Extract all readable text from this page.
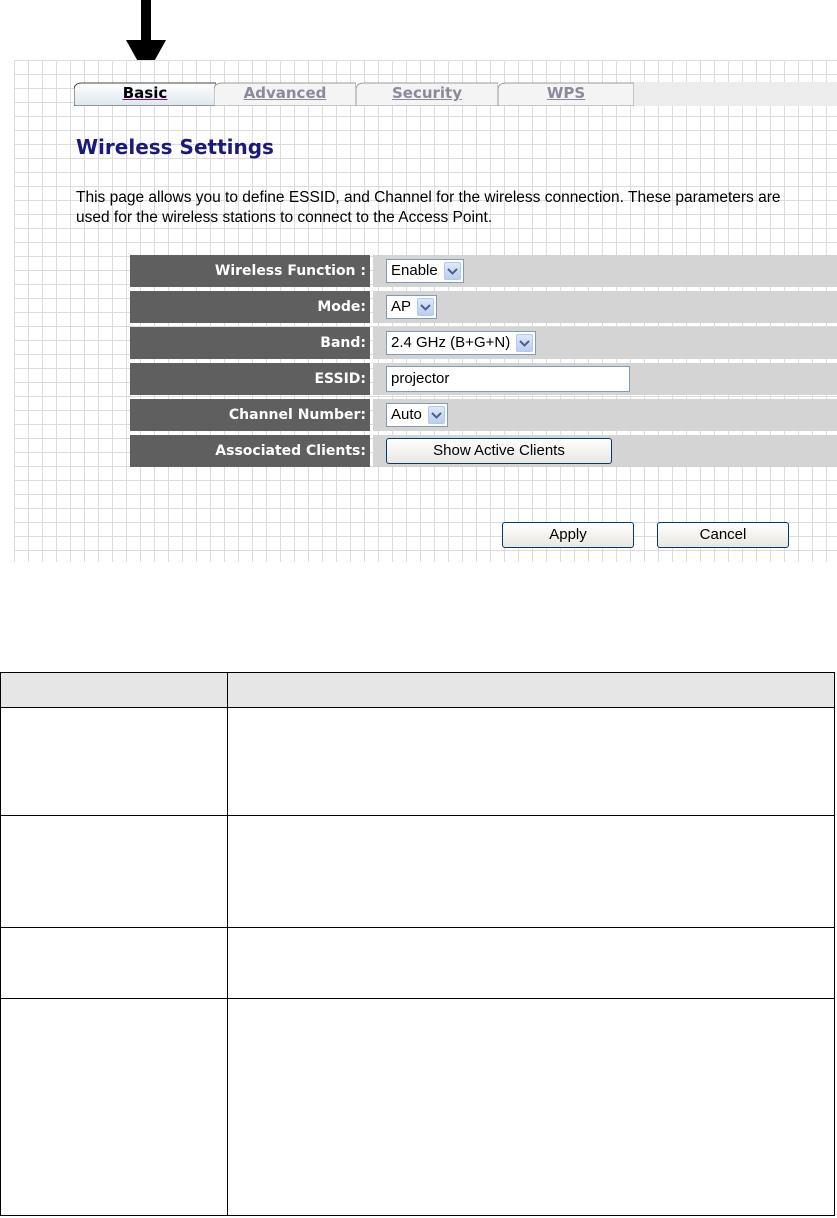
Basic	Advanced	Security	WPS
Wireless Settings
This page allows you to define ESSID, and Channel for the wireless connection. These parameters are used for the wireless stations to connect to the Access Point.
Wireless Function :	Enable
Mode:	AP
Band:	2.4 GHz (B+G+N)
ESSID:	projector
Channel Number:	Auto
Associated Clients:	Show Active Clients
Apply	Cancel
